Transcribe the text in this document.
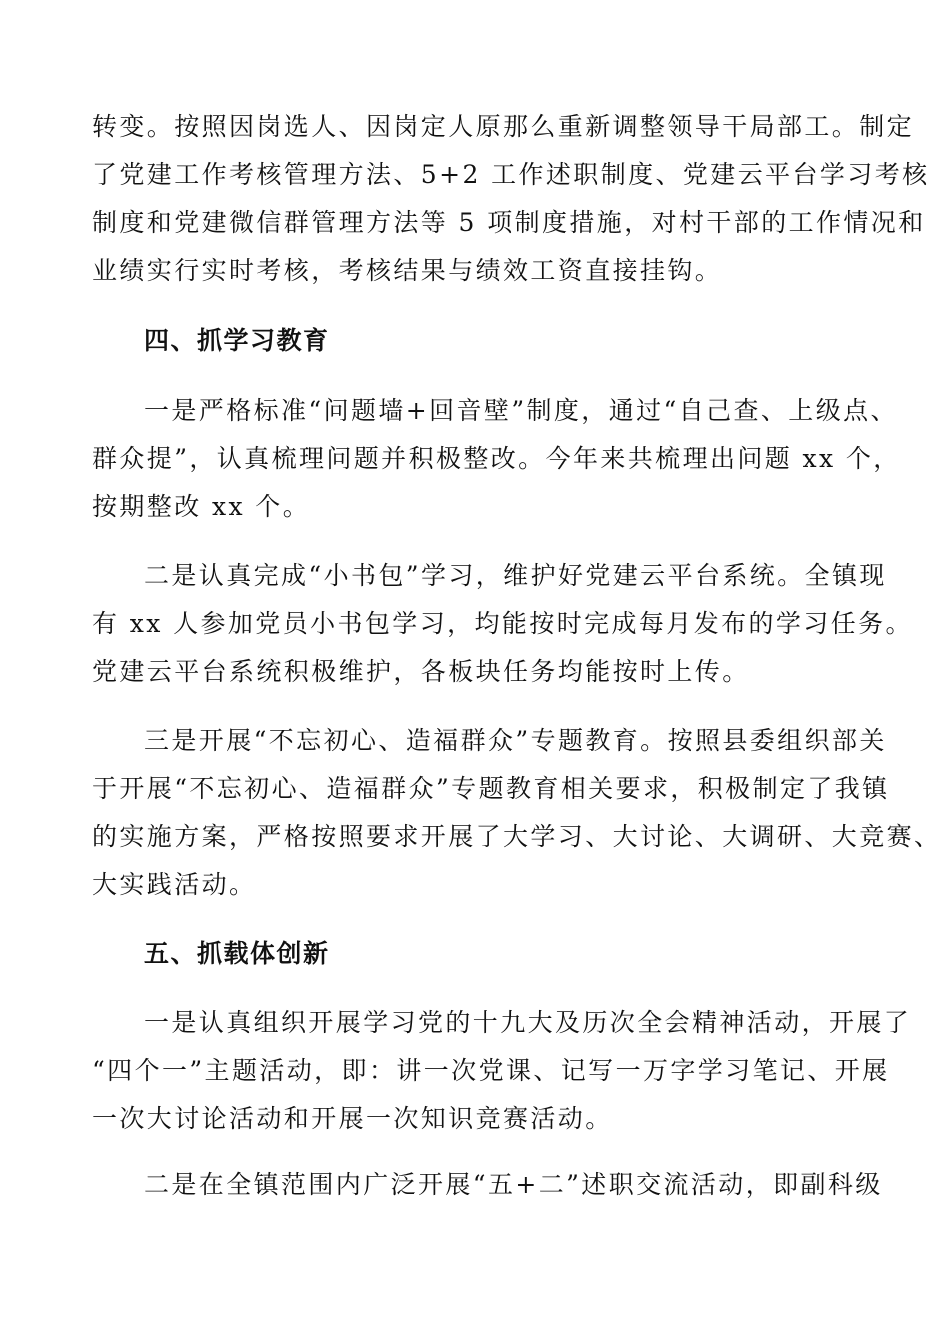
转变。按照因岗选人、因岗定人原那么重新调整领导干局部工。制定
了党建工作考核管理方法、5+2 工作述职制度、党建云平台学习考核
制度和党建微信群管理方法等 5 项制度措施，对村干部的工作情况和
业绩实行实时考核，考核结果与绩效工资直接挂钩。
四、抓学习教育
一是严格标准“问题墙+回音壁”制度，通过“自己查、上级点、
群众提”，认真梳理问题并积极整改。今年来共梳理出问题 xx 个，
按期整改 xx 个。
二是认真完成“小书包”学习，维护好党建云平台系统。全镇现
有 xx 人参加党员小书包学习，均能按时完成每月发布的学习任务。
党建云平台系统积极维护，各板块任务均能按时上传。
三是开展“不忘初心、造福群众”专题教育。按照县委组织部关
于开展“不忘初心、造福群众”专题教育相关要求，积极制定了我镇
的实施方案，严格按照要求开展了大学习、大讨论、大调研、大竞赛、
大实践活动。
五、抓载体创新
一是认真组织开展学习党的十九大及历次全会精神活动，开展了
“四个一”主题活动，即：讲一次党课、记写一万字学习笔记、开展
一次大讨论活动和开展一次知识竞赛活动。
二是在全镇范围内广泛开展“五+二”述职交流活动，即副科级
